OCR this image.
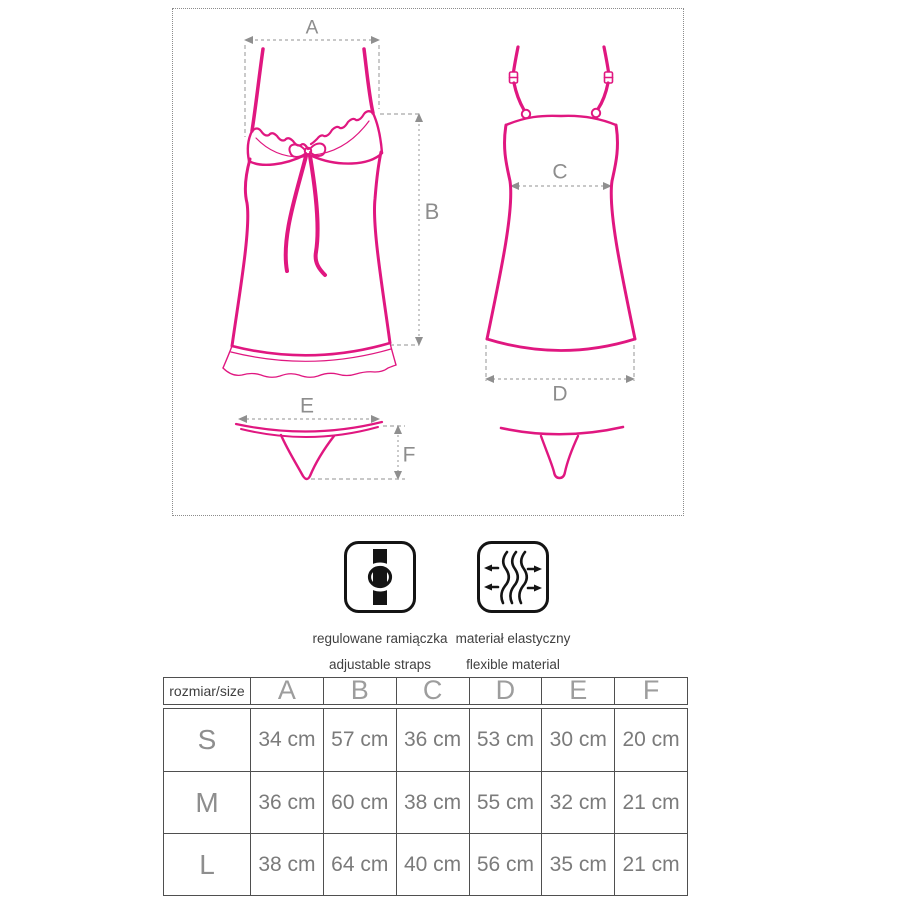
A
B
C
D
E
F
regulowane ramiączka
adjustable straps
materiał elastyczny
flexible material
rozmiar/size	A	B	C	D	E	F
S	34 cm 57 cm 36 cm 53 cm 30 cm 20 cm
M	36 cm 60 cm 38 cm 55 cm 32 cm 21 cm
L	38 cm 64 cm 40 cm 56 cm 35 cm 21 cm
